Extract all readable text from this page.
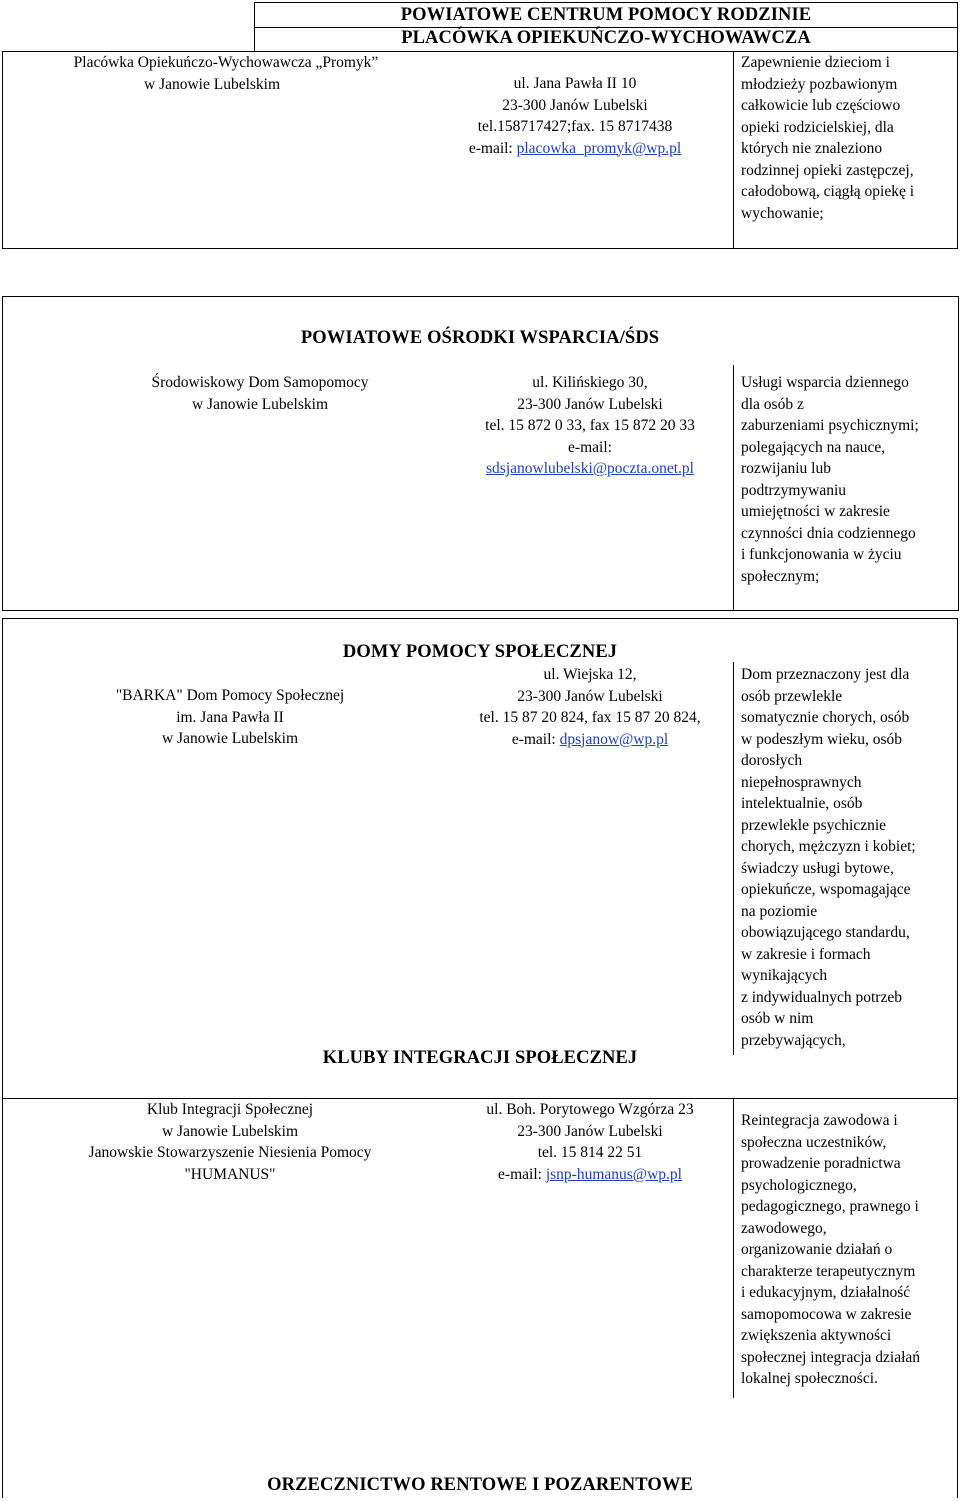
POWIATOWE CENTRUM POMOCY RODZINIE
PLACÓWKA OPIEKUŃCZO-WYCHOWAWCZA
Placówka Opiekuńczo-Wychowawcza „Promyk”
w Janowie Lubelskim	ul. Jana Pawła II 10
23-300 Janów Lubelski
tel.158717427;fax. 15 8717438
e-mail: placowka_promyk@wp.pl
Zapewnienie dzieciom i
młodzieży pozbawionym
całkowicie lub częściowo
opieki rodzicielskiej, dla
których nie znaleziono
rodzinnej opieki zastępczej,
całodobową, ciągłą opiekę i
wychowanie;
POWIATOWE OŚRODKI WSPARCIA/ŚDS
Środowiskowy Dom Samopomocy
w Janowie Lubelskim
ul. Kilińskiego 30,
23-300 Janów Lubelski
tel. 15 872 0 33, fax 15 872 20 33
e-mail:
sdsjanowlubelski@poczta.onet.pl
Usługi wsparcia dziennego
dla osób z
zaburzeniami psychicznymi;
polegających na nauce,
rozwijaniu lub
podtrzymywaniu
umiejętności w zakresie
czynności dnia codziennego
i funkcjonowania w życiu
społecznym;
DOMY POMOCY SPOŁECZNEJ
"BARKA" Dom Pomocy Społecznej
im. Jana Pawła II
w Janowie Lubelskim
ul. Wiejska 12,
23-300 Janów Lubelski
tel. 15 87 20 824, fax 15 87 20 824,
e-mail: dpsjanow@wp.pl
Dom przeznaczony jest dla
osób przewlekle
somatycznie chorych, osób
w podeszłym wieku, osób
dorosłych
niepełnosprawnych
intelektualnie, osób
przewlekle psychicznie
chorych, mężczyzn i kobiet;
świadczy usługi bytowe,
opiekuńcze, wspomagające
na poziomie
obowiązującego standardu,
w zakresie i formach
wynikających
z indywidualnych potrzeb
osób w nim
przebywających,
KLUBY INTEGRACJI SPOŁECZNEJ
Klub Integracji Społecznej
w Janowie Lubelskim
Janowskie Stowarzyszenie Niesienia Pomocy
"HUMANUS"
ul. Boh. Porytowego Wzgórza 23
23-300 Janów Lubelski
tel. 15 814 22 51
e-mail: jsnp-humanus@wp.pl
Reintegracja zawodowa i
społeczna uczestników,
prowadzenie poradnictwa
psychologicznego,
pedagogicznego, prawnego i
zawodowego,
organizowanie działań o
charakterze terapeutycznym
i edukacyjnym, działalność
samopomocowa w zakresie
zwiększenia aktywności
społecznej integracja działań
lokalnej społeczności.
ORZECZNICTWO RENTOWE I POZARENTOWE
